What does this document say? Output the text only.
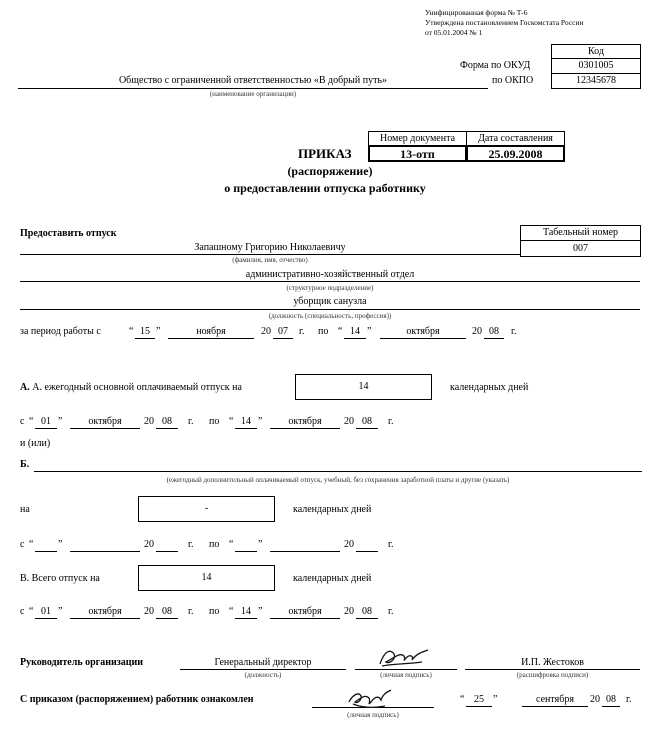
Унифицированная форма № Т-6
Утверждена постановлением Госкомстата России
от 05.01.2004 № 1
Код
Форма по ОКУД	0301005
по ОКПО	12345678
Общество с ограниченной ответственностью «В добрый путь»
(наименование организации)
Номер документа	Дата составления
13-отп	25.09.2008
ПРИКАЗ
(распоряжение)
о предоставлении отпуска работнику
Предоставить отпуск	Табельный номер
007
Запашному Григорию Николаевичу
(фамилия, имя, отчество)
административно-хозяйственный отдел
(структурное подразделение)
уборщик санузла
(должность (специальность, профессия))
за период работы с	“ 15 ”	ноября	20 07	г. по “ 14 ”	октября	20 08	г.
А. А. ежегодный основной оплачиваемый отпуск на	14	календарных дней
с “ 01 ”	октября	20 08	г. по “ 14 ”	октября	20 08	г.
и (или)
Б.
(ежегодный дополнительный оплачиваемый отпуск, учебный, без сохранения заработной платы и другие (указать)
на	-	календарных дней
с “ ”	20	г. по “ ”	20	г.
В. Всего отпуск на	14	календарных дней
с “ 01 ”	октября	20 08	г. по “ 14 ”	октября	20 08	г.
Руководитель организации	Генеральный директор
(должность)	(личная подпись)
И.П. Жестоков
(расшифровка подписи)
С приказом (распоряжением) работник ознакомлен
(личная подпись)
“ 25 ”	сентября	20 08	г.
